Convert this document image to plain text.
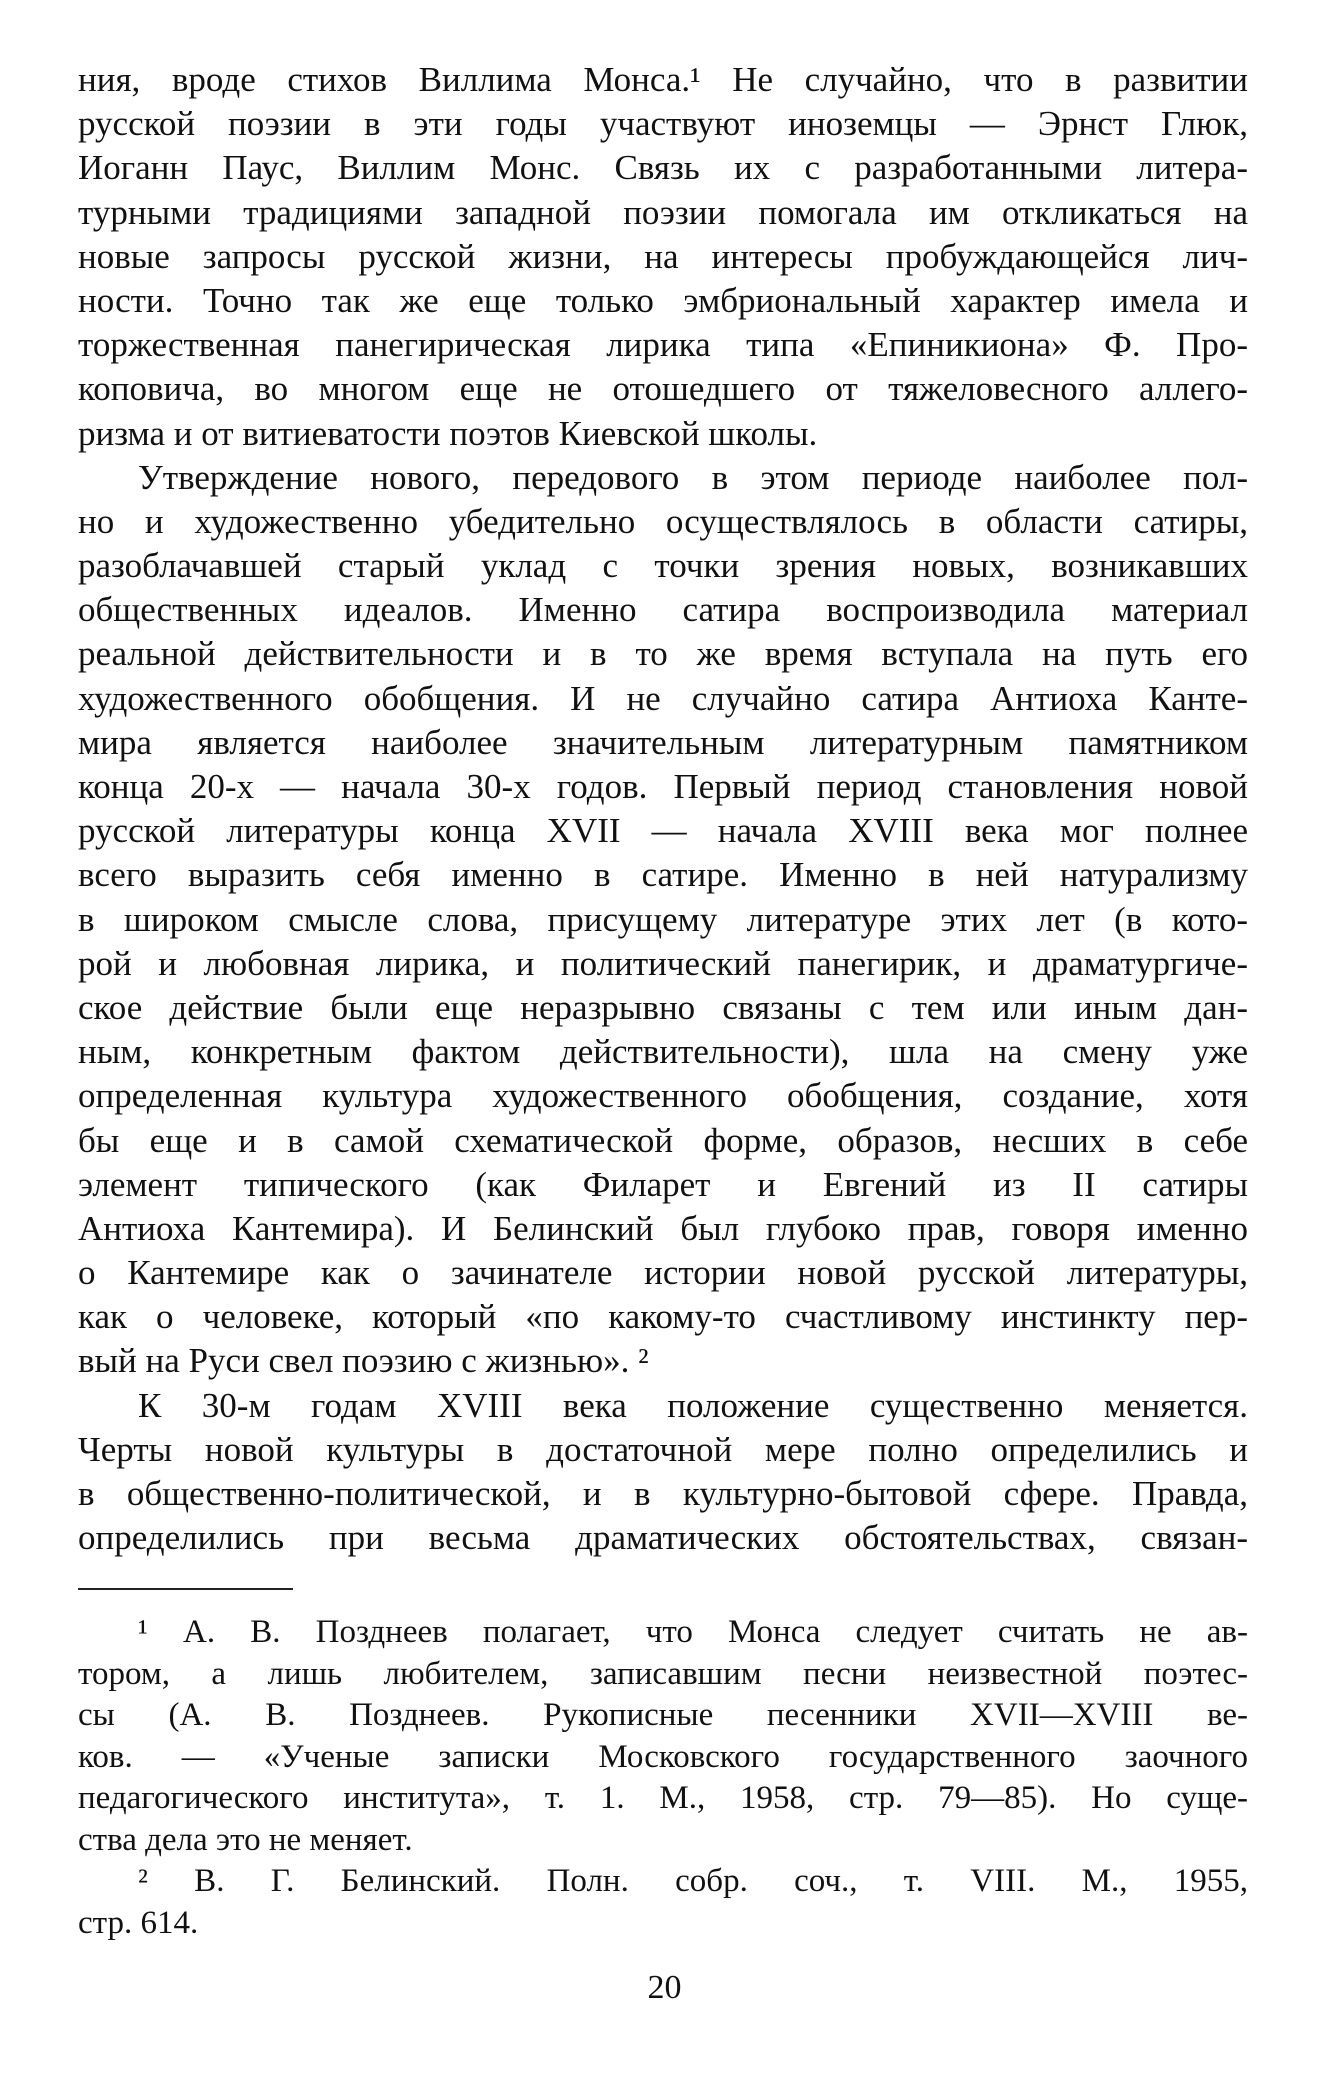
ния, вроде стихов Виллима Монса.¹ Не случайно, что в развитии
русской поэзии в эти годы участвуют иноземцы — Эрнст Глюк,
Иоганн Паус, Виллим Монс. Связь их с разработанными литера-
турными традициями западной поэзии помогала им откликаться на
новые запросы русской жизни, на интересы пробуждающейся лич-
ности. Точно так же еще только эмбриональный характер имела и
торжественная панегирическая лирика типа «Епиникиона» Ф. Про-
коповича, во многом еще не отошедшего от тяжеловесного аллего-
ризма и от витиеватости поэтов Киевской школы.
Утверждение нового, передового в этом периоде наиболее пол-
но и художественно убедительно осуществлялось в области сатиры,
разоблачавшей старый уклад с точки зрения новых, возникавших
общественных идеалов. Именно сатира воспроизводила материал
реальной действительности и в то же время вступала на путь его
художественного обобщения. И не случайно сатира Антиоха Канте-
мира является наиболее значительным литературным памятником
конца 20-х — начала 30-х годов. Первый период становления новой
русской литературы конца XVII — начала XVIII века мог полнее
всего выразить себя именно в сатире. Именно в ней натурализму
в широком смысле слова, присущему литературе этих лет (в кото-
рой и любовная лирика, и политический панегирик, и драматургиче-
ское действие были еще неразрывно связаны с тем или иным дан-
ным, конкретным фактом действительности), шла на смену уже
определенная культура художественного обобщения, создание, хотя
бы еще и в самой схематической форме, образов, несших в себе
элемент типического (как Филарет и Евгений из II сатиры
Антиоха Кантемира). И Белинский был глубоко прав, говоря именно
о Кантемире как о зачинателе истории новой русской литературы,
как о человеке, который «по какому-то счастливому инстинкту пер-
вый на Руси свел поэзию с жизнью». ²
К 30-м годам XVIII века положение существенно меняется.
Черты новой культуры в достаточной мере полно определились и
в общественно-политической, и в культурно-бытовой сфере. Правда,
определились при весьма драматических обстоятельствах, связан-
¹ А. В. Позднеев полагает, что Монса следует считать не ав-
тором, а лишь любителем, записавшим песни неизвестной поэтес-
сы (А. В. Позднеев. Рукописные песенники XVII—XVIII ве-
ков. — «Ученые записки Московского государственного заочного
педагогического института», т. 1. М., 1958, стр. 79—85). Но суще-
ства дела это не меняет.
² В. Г. Белинский. Полн. собр. соч., т. VIII. М., 1955,
стр. 614.
20
